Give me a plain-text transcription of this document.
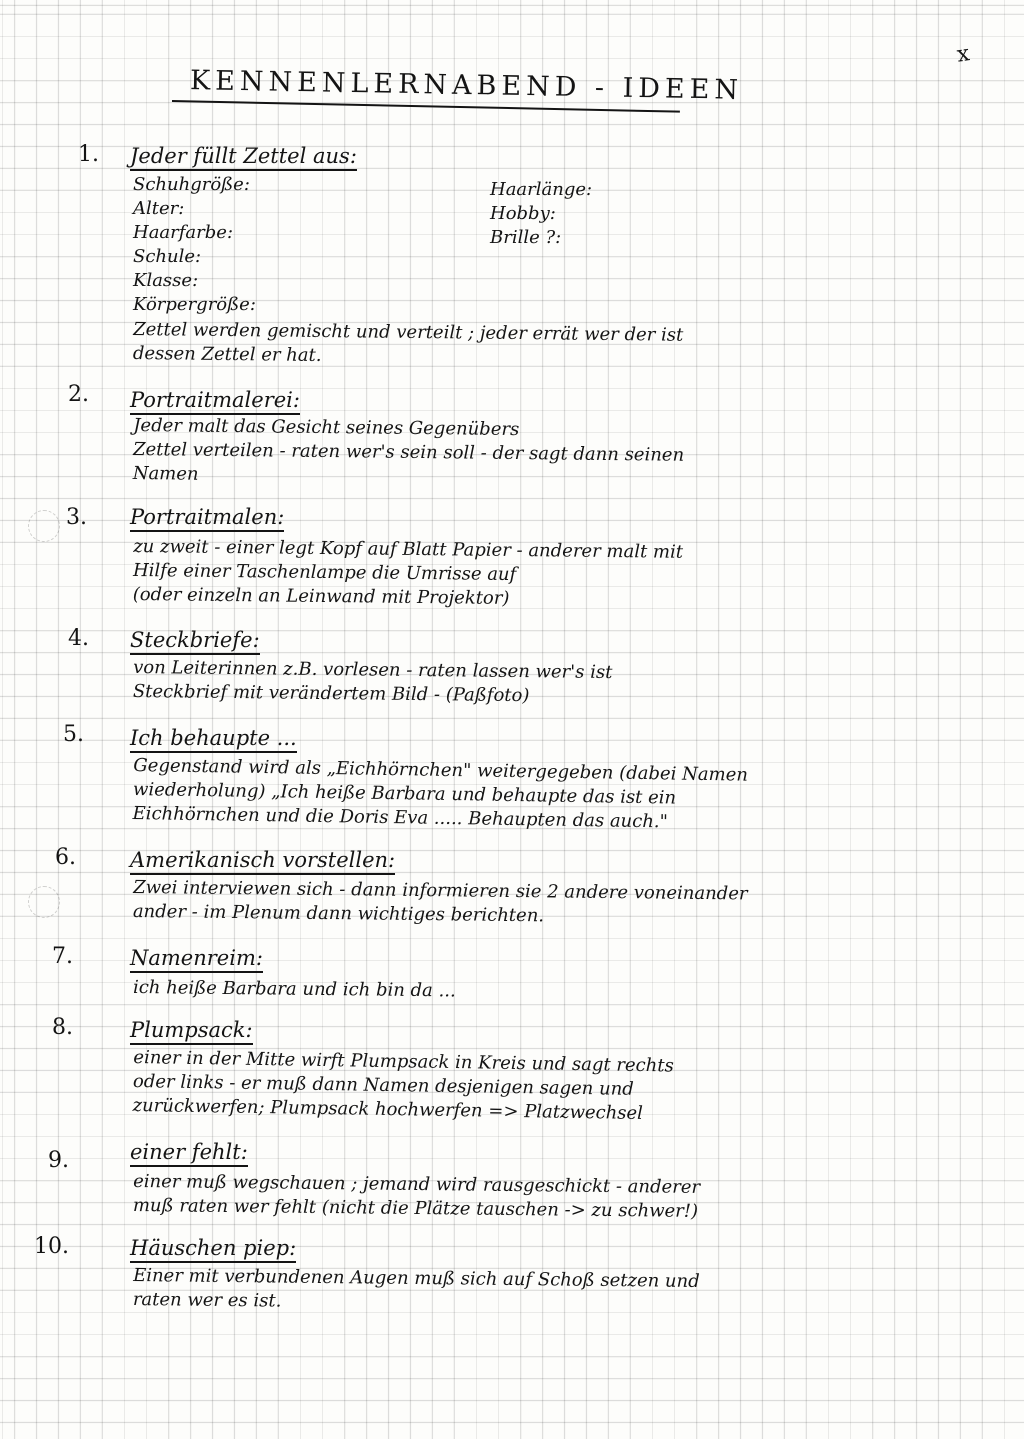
x
KENNENLERNABEND - IDEEN
1. Jeder füllt Zettel aus:
Schuhgröße:
Alter:
Haarfarbe:
Schule:
Klasse:
Körpergröße:
Haarlänge:
Hobby:
Brille ?:
Zettel werden gemischt und verteilt ; jeder errät wer der ist
dessen Zettel er hat.
2. Portraitmalerei:
Jeder malt das Gesicht seines Gegenübers
Zettel verteilen - raten wer's sein soll - der sagt dann seinen
Namen
3. Portraitmalen:
zu zweit - einer legt Kopf auf Blatt Papier - anderer malt mit
Hilfe einer Taschenlampe die Umrisse auf
(oder einzeln an Leinwand mit Projektor)
4. Steckbriefe:
von Leiterinnen z.B. vorlesen - raten lassen wer's ist
Steckbrief mit verändertem Bild - (Paßfoto)
5. Ich behaupte ...
Gegenstand wird als „Eichhörnchen" weitergegeben (dabei Namen
wiederholung) „Ich heiße Barbara und behaupte das ist ein
Eichhörnchen und die Doris Eva ..... Behaupten das auch."
6.	Amerikanisch vorstellen:
Zwei interviewen sich - dann informieren sie 2 andere voneinander
ander - im Plenum dann wichtiges berichten.
7.	Namenreim:
ich heiße Barbara und ich bin da ...
8.	Plumpsack:
einer in der Mitte wirft Plumpsack in Kreis und sagt rechts
oder links - er muß dann Namen desjenigen sagen und
zurückwerfen; Plumpsack hochwerfen => Platzwechsel
9.	einer fehlt:
einer muß wegschauen ; jemand wird rausgeschickt - anderer
muß raten wer fehlt (nicht die Plätze tauschen -> zu schwer!)
10.	Häuschen piep:
Einer mit verbundenen Augen muß sich auf Schoß setzen und
raten wer es ist.
